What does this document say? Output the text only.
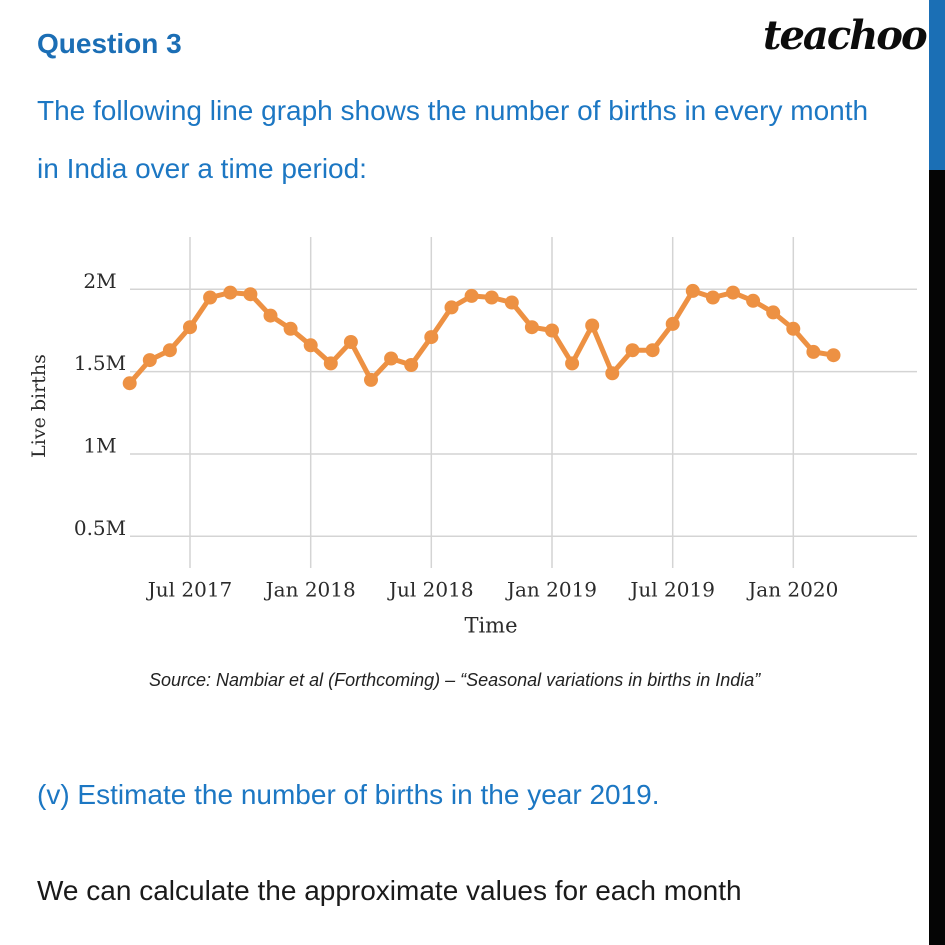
Question 3	teachoo
The following line graph shows the number of births in every month
in India over a time period:
Jul 2017 Jan 2018 Jul 2018 Jan 2019 Jul 2019 Jan 2020
2M
1.5M
1M
0.5M
Time
Live births
Source: Nambiar et al (Forthcoming) – “Seasonal variations in births in India”
(v) Estimate the number of births in the year 2019.
We can calculate the approximate values for each month
